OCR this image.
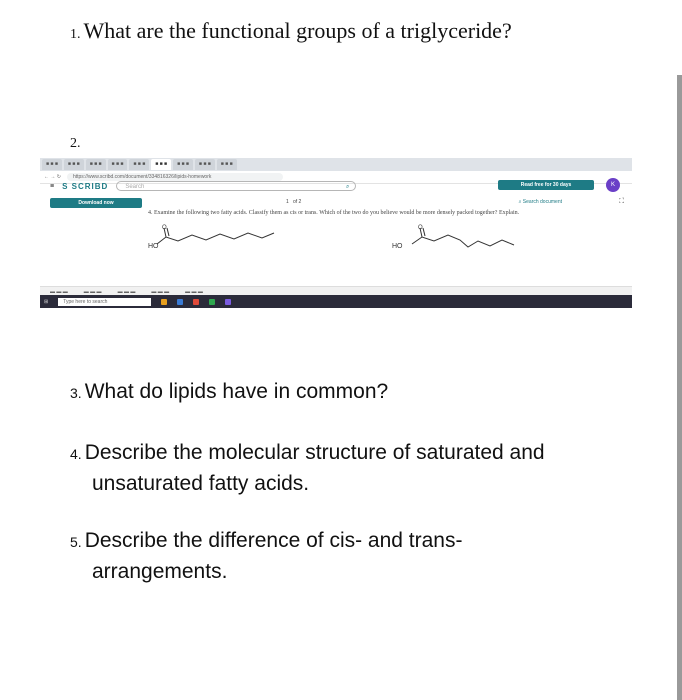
1. What are the functional groups of a triglyceride?
2.
■ ■ ■	■ ■ ■	■ ■ ■	■ ■ ■	■ ■ ■	■ ■ ■	■ ■ ■	■ ■ ■	■ ■ ■
← → ↻	https://www.scribd.com/document/334816326/lipids-homework
≡ S SCRIBD	Search	⌕	Read free for 30 days	K
Download now	1 of 2	⌕ Search document	⛶
4. Examine the following two fatty acids. Classify them as cis or trans. Which of the two do you believe would be more densely packed together? Explain.
O
HO
O
HO
▬ ▬ ▬	▬ ▬ ▬	▬ ▬ ▬	▬ ▬ ▬	▬ ▬ ▬
⊞	Type here to search
3. What do lipids have in common?
4. Describe the molecular structure of saturated and
unsaturated fatty acids.
5. Describe the difference of cis- and trans-
arrangements.
